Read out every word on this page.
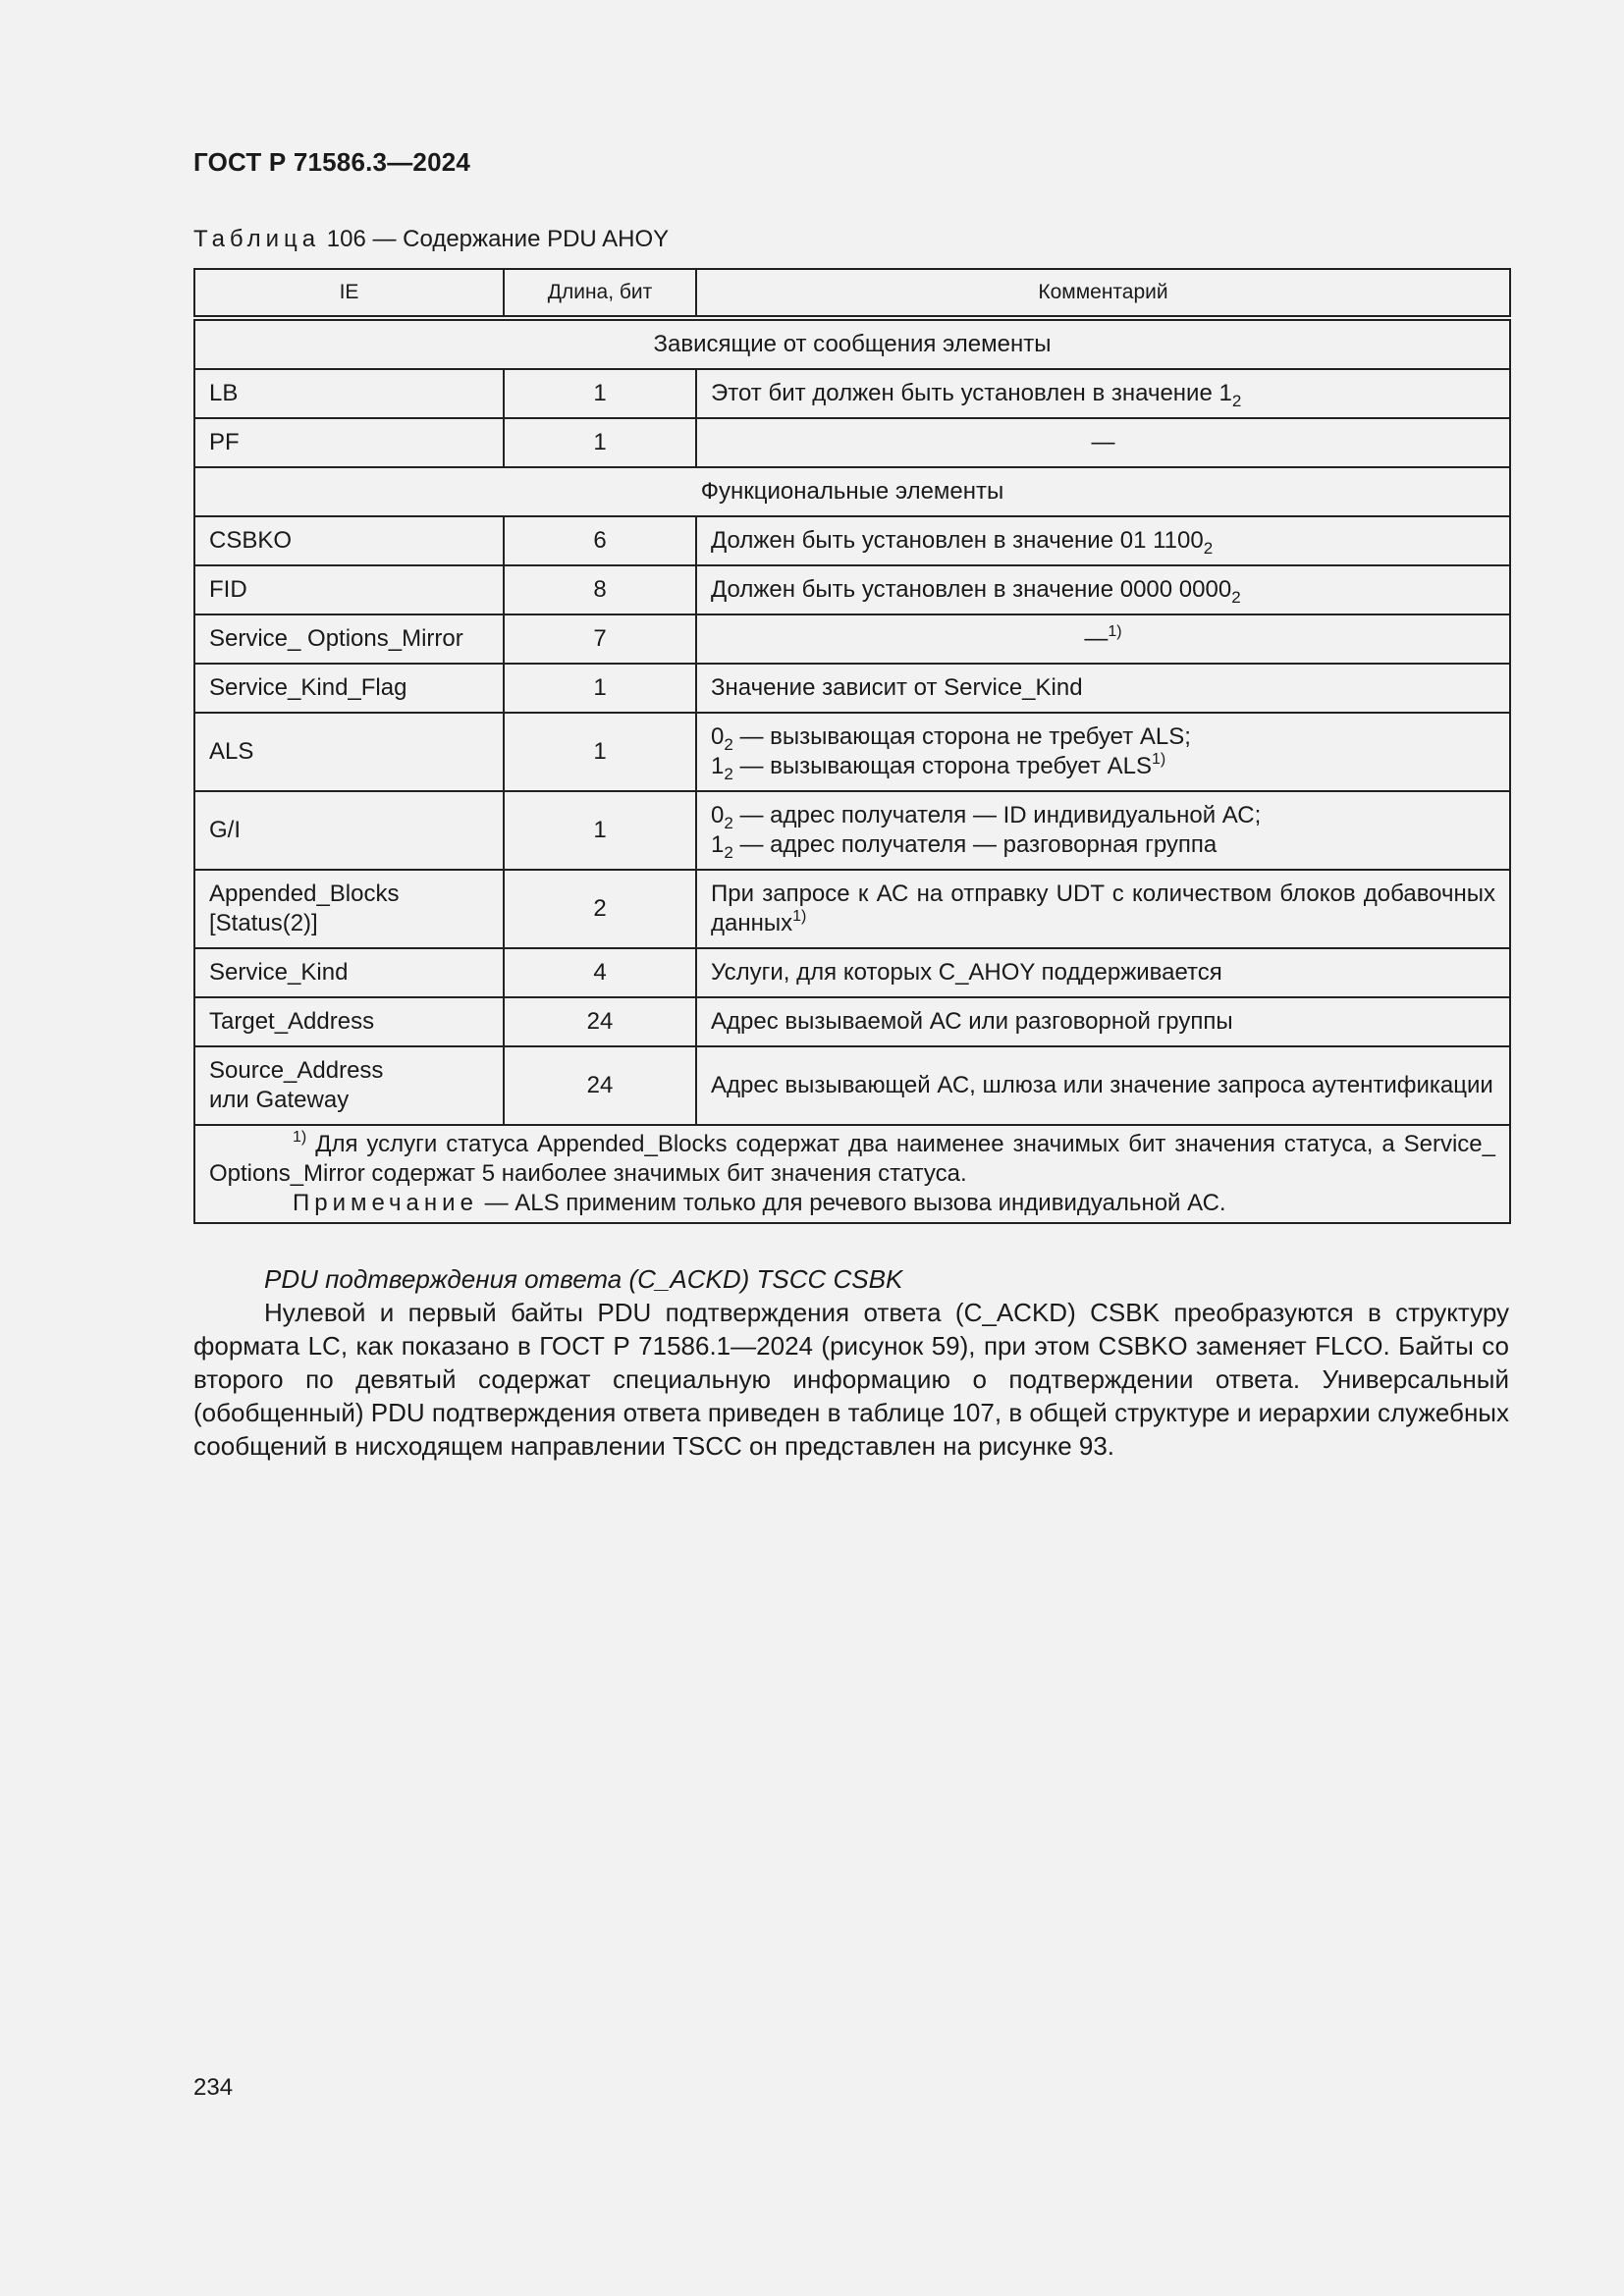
ГОСТ Р 71586.3—2024
Таблица 106 — Содержание PDU AHOY
IE	Длина, бит	Комментарий
Зависящие от сообщения элементы		
LB	1	Этот бит должен быть установлен в значение $1_2$
PF	1	—
Функциональные элементы		
CSBKO	6	Должен быть установлен в значение 01 $1100_2$
FID	8	Должен быть установлен в значение 0000 $0000_2$
Service_ Options_Mirror	7	—$^{1)}$
Service_Kind_Flag	1	Значение зависит от Service_Kind
ALS	1	$0_2$ — вызывающая сторона не требует ALS;
$1_2$ — вызывающая сторона требует ALS$^{1)}$

G/I	1	$0_2$ — адрес получателя — ID индивидуальной АС;
$1_2$ — адрес получателя — разговорная группа

Appended_Blocks
[Status(2)]	2	При запросе к АС на отправку UDT с количеством блоков добавочных данных$^{1)}$
Service_Kind	4	Услуги, для которых C_AHOY поддерживается
Target_Address	24	Адрес вызываемой АС или разговорной группы

Source_Address
или Gateway	24	Адрес вызывающей АС, шлюза или значение запроса аутентификации

$^{1)}$ Для услуги статуса Appended_Blocks содержат два наименее значимых бит значения статуса, а Service_ Options_Mirror содержат 5 наиболее значимых бит значения статуса.
Примечание — ALS применим только для речевого вызова индивидуальной АС.		
PDU подтверждения ответа (C_ACKD) TSCC CSBK
Нулевой и первый байты PDU подтверждения ответа (C_ACKD) CSBK преобразуются в структуру формата LC, как показано в ГОСТ Р 71586.1—2024 (рисунок 59), при этом CSBKO заменяет FLCO. Байты со второго по девятый содержат специальную информацию о подтверждении ответа. Универсальный (обобщенный) PDU подтверждения ответа приведен в таблице 107, в общей структуре и иерархии служебных сообщений в нисходящем направлении TSCC он представлен на рисунке 93.
234
